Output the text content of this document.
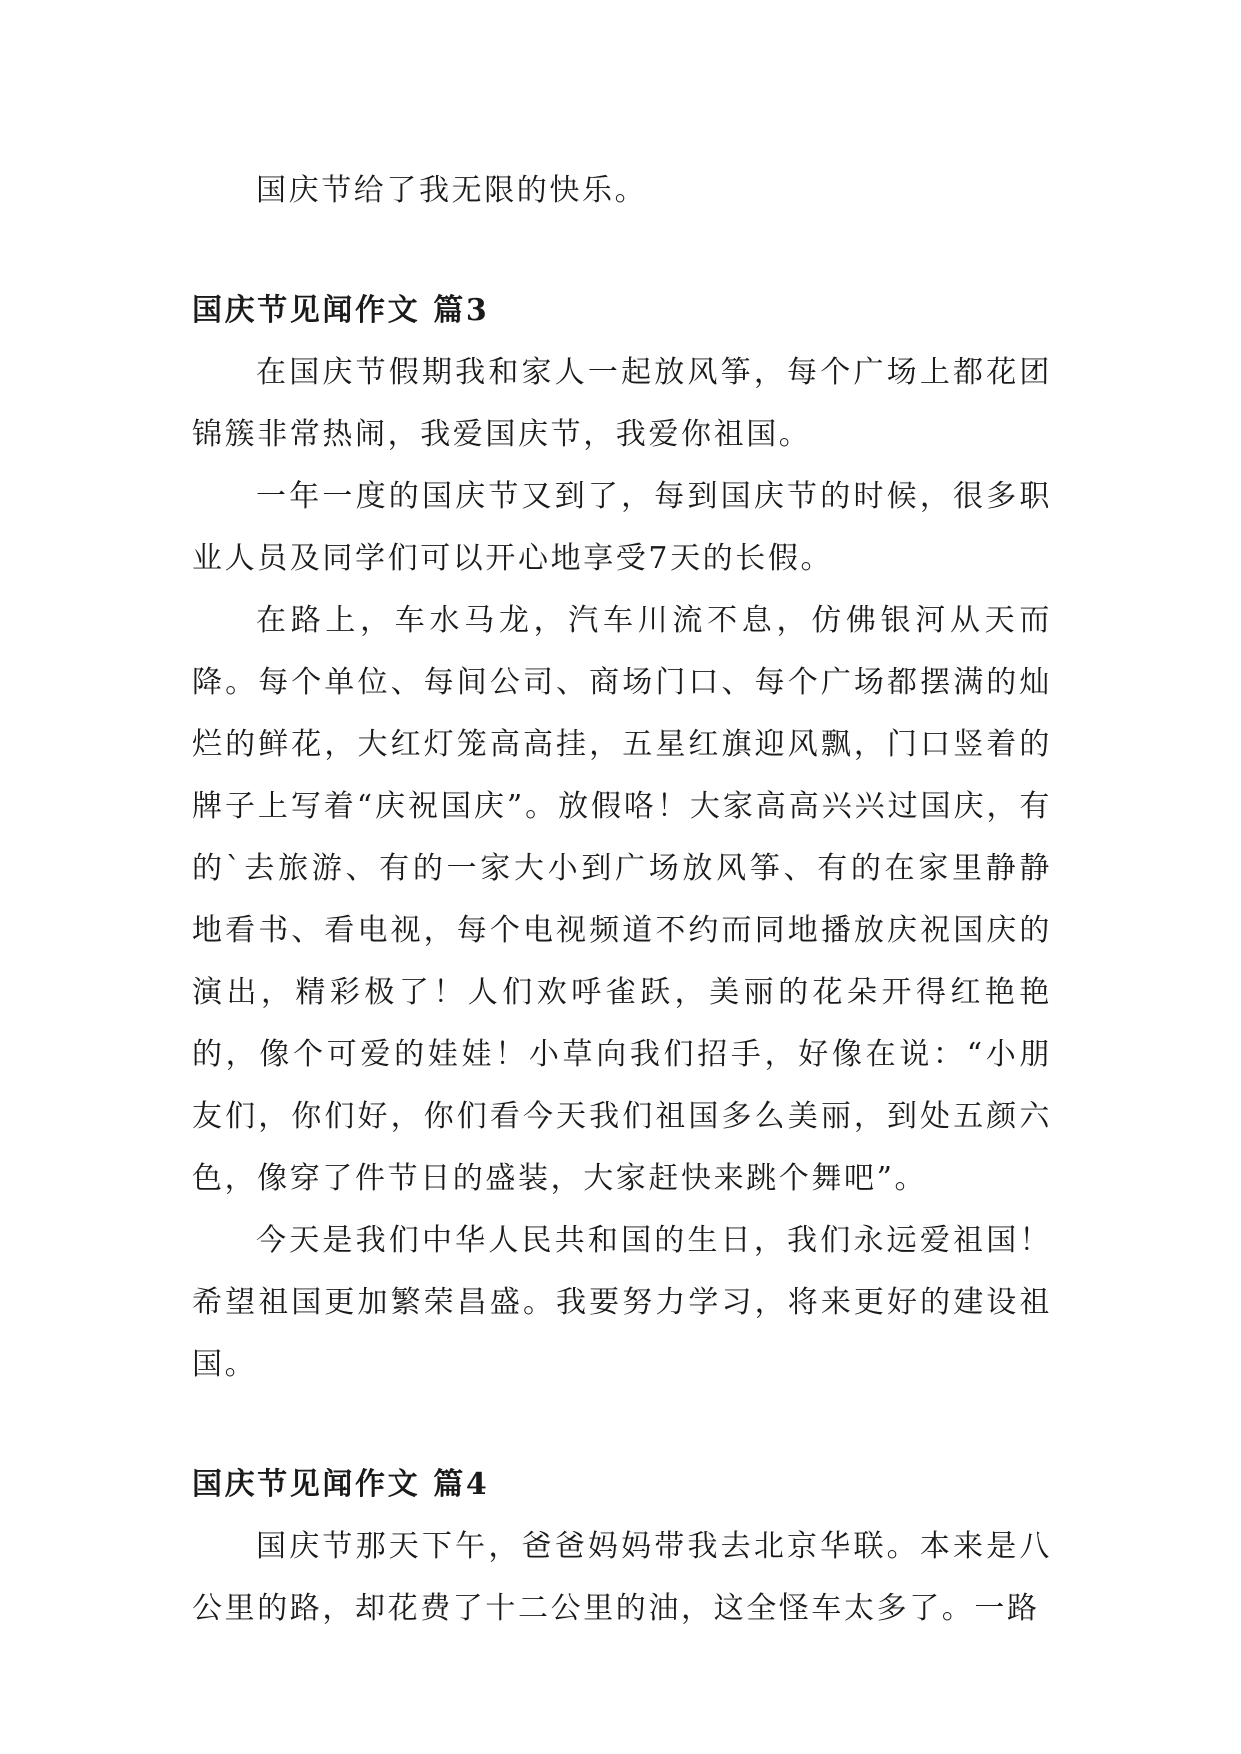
国庆节给了我无限的快乐。

国庆节见闻作文 篇3

在国庆节假期我和家人一起放风筝，每个广场上都花团锦簇非常热闹，我爱国庆节，我爱你祖国。

一年一度的国庆节又到了，每到国庆节的时候，很多职业人员及同学们可以开心地享受7天的长假。

在路上，车水马龙，汽车川流不息，仿佛银河从天而降。每个单位、每间公司、商场门口、每个广场都摆满的灿烂的鲜花，大红灯笼高高挂，五星红旗迎风飘，门口竖着的牌子上写着“庆祝国庆”。放假咯！大家高高兴兴过国庆，有的`去旅游、有的一家大小到广场放风筝、有的在家里静静地看书、看电视，每个电视频道不约而同地播放庆祝国庆的演出，精彩极了！人们欢呼雀跃，美丽的花朵开得红艳艳的，像个可爱的娃娃！小草向我们招手，好像在说：“小朋友们，你们好，你们看今天我们祖国多么美丽，到处五颜六色，像穿了件节日的盛装，大家赶快来跳个舞吧”。

今天是我们中华人民共和国的生日，我们永远爱祖国！希望祖国更加繁荣昌盛。我要努力学习，将来更好的建设祖国。

国庆节见闻作文 篇4

国庆节那天下午，爸爸妈妈带我去北京华联。本来是八公里的路，却花费了十二公里的油，这全怪车太多了。一路
